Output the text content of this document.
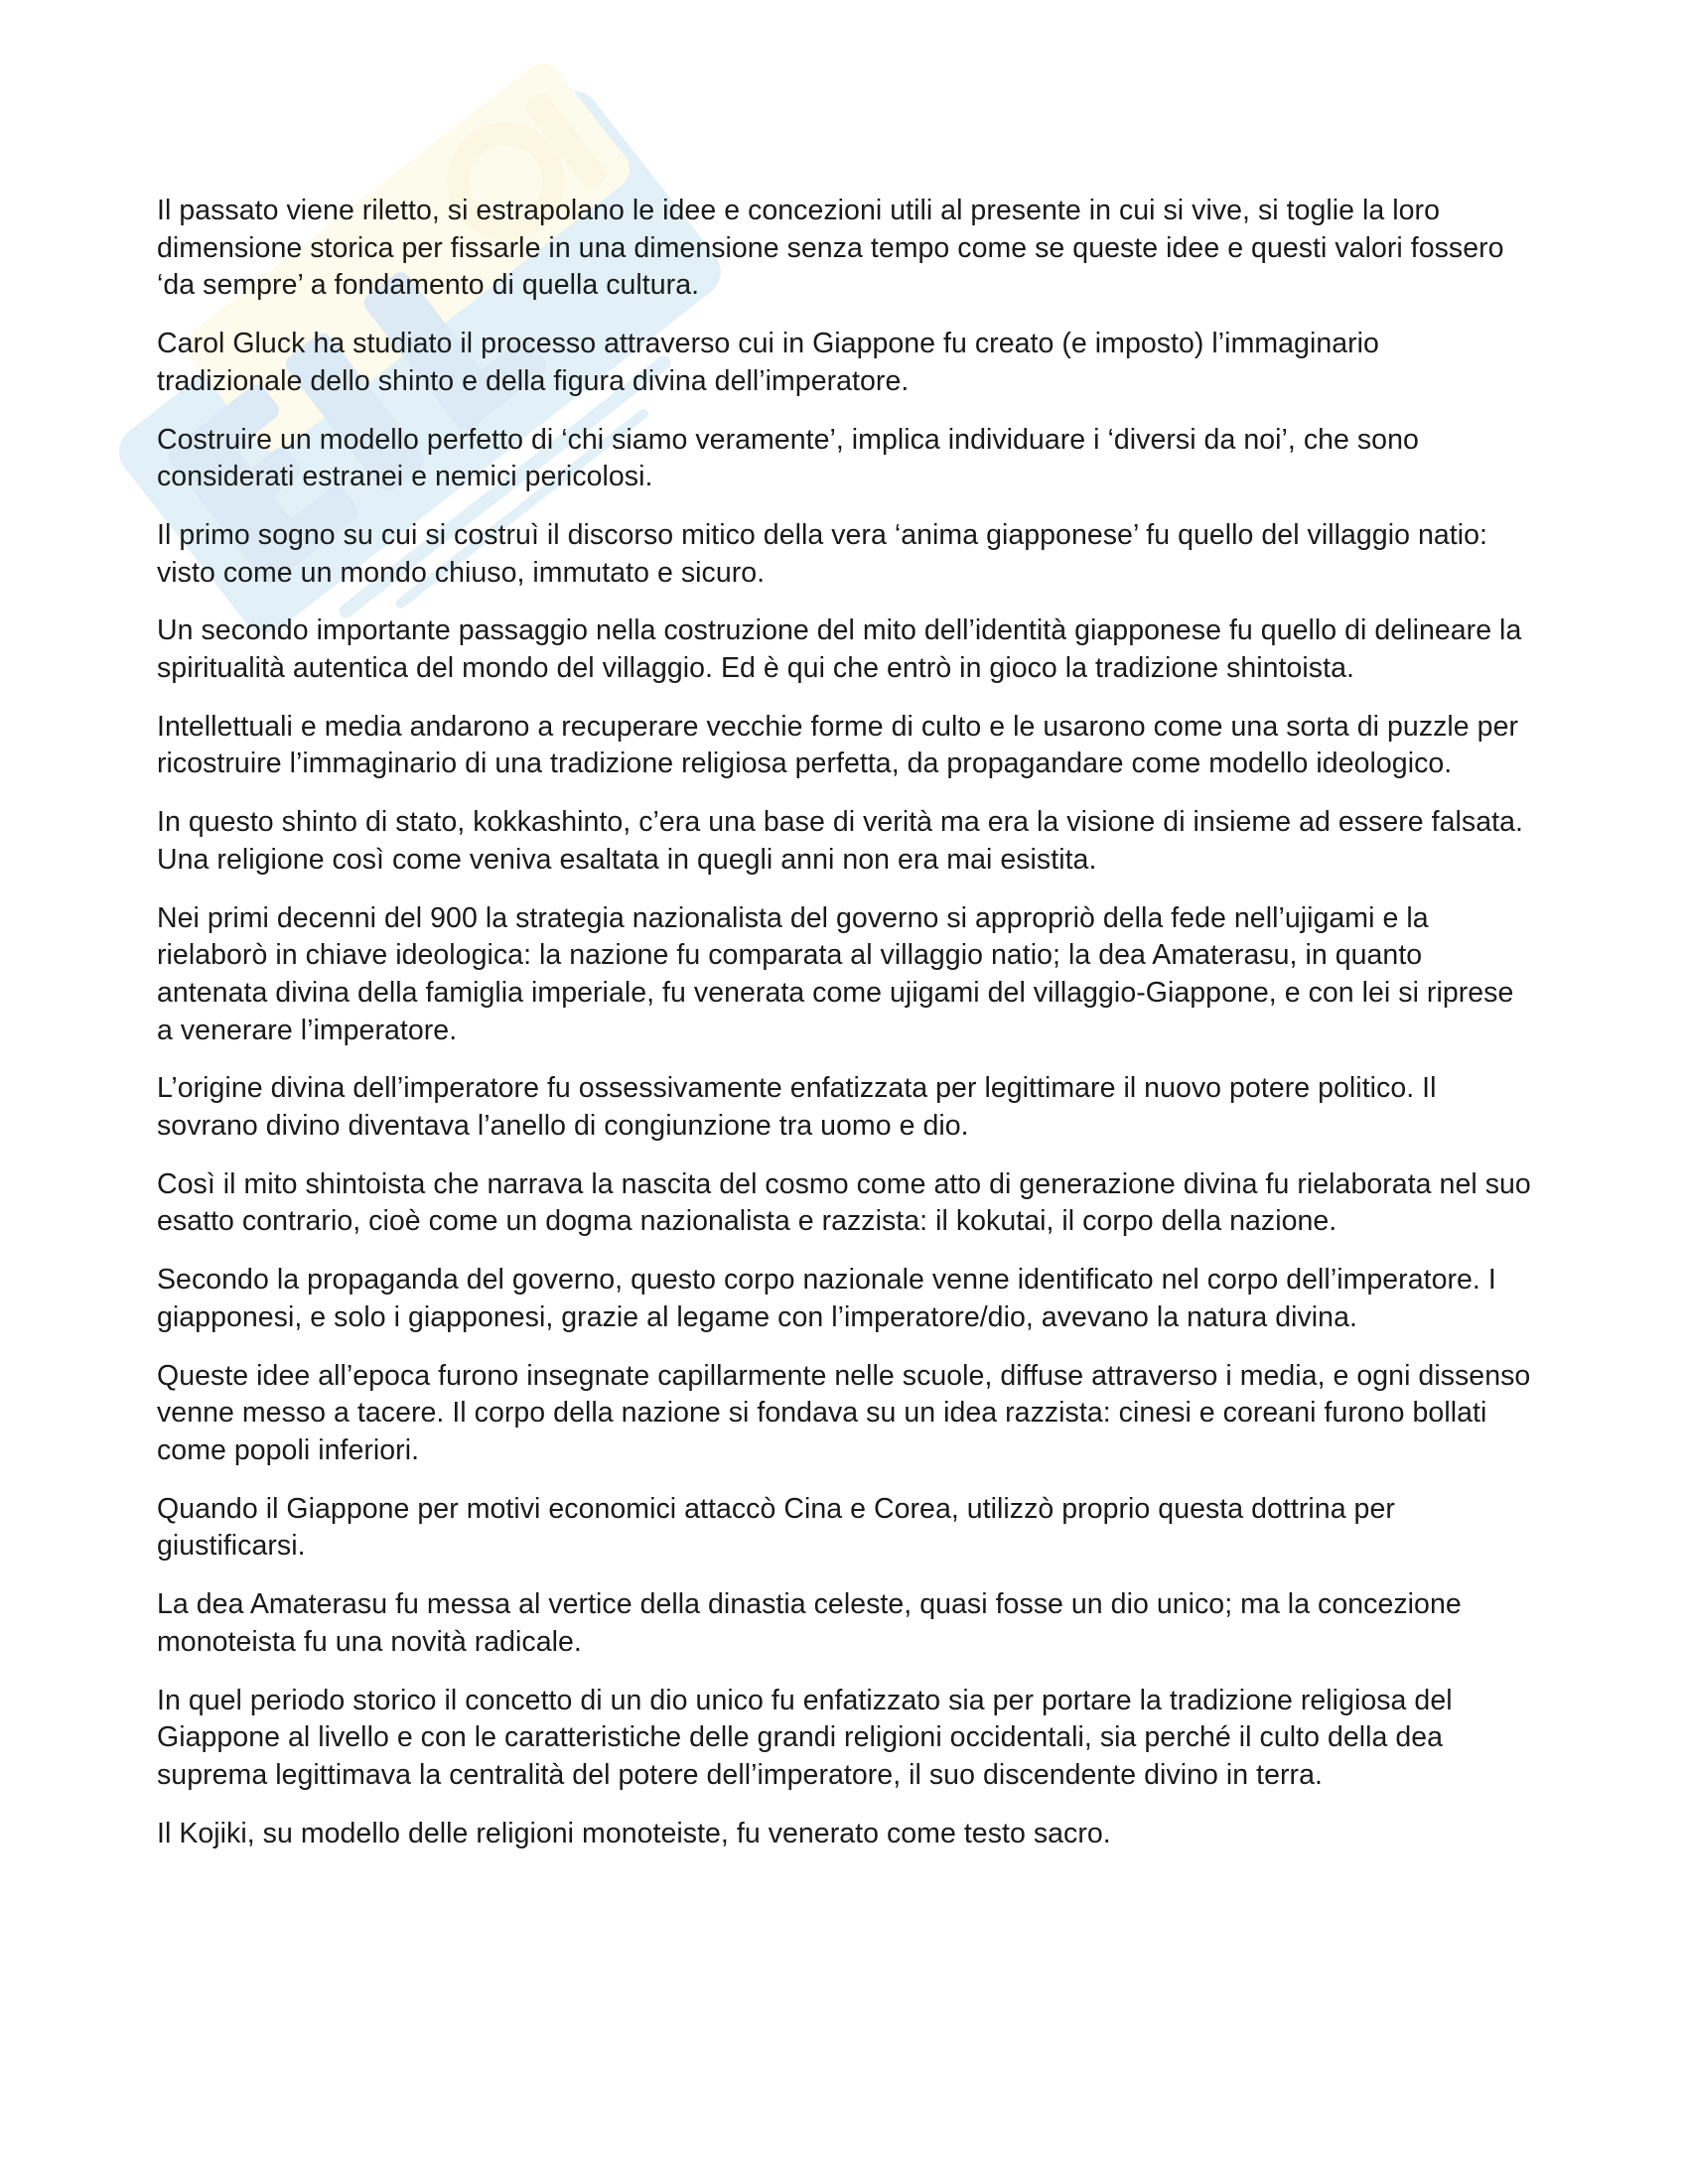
Il passato viene riletto, si estrapolano le idee e concezioni utili al presente in cui si vive, si toglie la loro dimensione storica per fissarle in una dimensione senza tempo come se queste idee e questi valori fossero ‘da sempre’ a fondamento di quella cultura.

Carol Gluck ha studiato il processo attraverso cui in Giappone fu creato (e imposto) l’immaginario tradizionale dello shinto e della figura divina dell’imperatore.

Costruire un modello perfetto di ‘chi siamo veramente’, implica individuare i ‘diversi da noi’, che sono considerati estranei e nemici pericolosi.

Il primo sogno su cui si costruì il discorso mitico della vera ‘anima giapponese’ fu quello del villaggio natio: visto come un mondo chiuso, immutato e sicuro.

Un secondo importante passaggio nella costruzione del mito dell’identità giapponese fu quello di delineare la spiritualità autentica del mondo del villaggio. Ed è qui che entrò in gioco la tradizione shintoista.

Intellettuali e media andarono a recuperare vecchie forme di culto e le usarono come una sorta di puzzle per ricostruire l’immaginario di una tradizione religiosa perfetta, da propagandare come modello ideologico.

In questo shinto di stato, kokkashinto, c’era una base di verità ma era la visione di insieme ad essere falsata. Una religione così come veniva esaltata in quegli anni non era mai esistita.

Nei primi decenni del 900 la strategia nazionalista del governo si appropriò della fede nell’ujigami e la rielaborò in chiave ideologica: la nazione fu comparata al villaggio natio; la dea Amaterasu, in quanto antenata divina della famiglia imperiale, fu venerata come ujigami del villaggio-Giappone, e con lei si riprese a venerare l’imperatore.

L’origine divina dell’imperatore fu ossessivamente enfatizzata per legittimare il nuovo potere politico. Il sovrano divino diventava l’anello di congiunzione tra uomo e dio.

Così il mito shintoista che narrava la nascita del cosmo come atto di generazione divina fu rielaborata nel suo esatto contrario, cioè come un dogma nazionalista e razzista: il kokutai, il corpo della nazione.

Secondo la propaganda del governo, questo corpo nazionale venne identificato nel corpo dell’imperatore. I giapponesi, e solo i giapponesi, grazie al legame con l’imperatore/dio, avevano la natura divina.

Queste idee all’epoca furono insegnate capillarmente nelle scuole, diffuse attraverso i media, e ogni dissenso venne messo a tacere. Il corpo della nazione si fondava su un idea razzista: cinesi e coreani furono bollati come popoli inferiori.

Quando il Giappone per motivi economici attaccò Cina e Corea, utilizzò proprio questa dottrina per giustificarsi.

La dea Amaterasu fu messa al vertice della dinastia celeste, quasi fosse un dio unico; ma la concezione monoteista fu una novità radicale.

In quel periodo storico il concetto di un dio unico fu enfatizzato sia per portare la tradizione religiosa del Giappone al livello e con le caratteristiche delle grandi religioni occidentali, sia perché il culto della dea suprema legittimava la centralità del potere dell’imperatore, il suo discendente divino in terra.

Il Kojiki, su modello delle religioni monoteiste, fu venerato come testo sacro.
